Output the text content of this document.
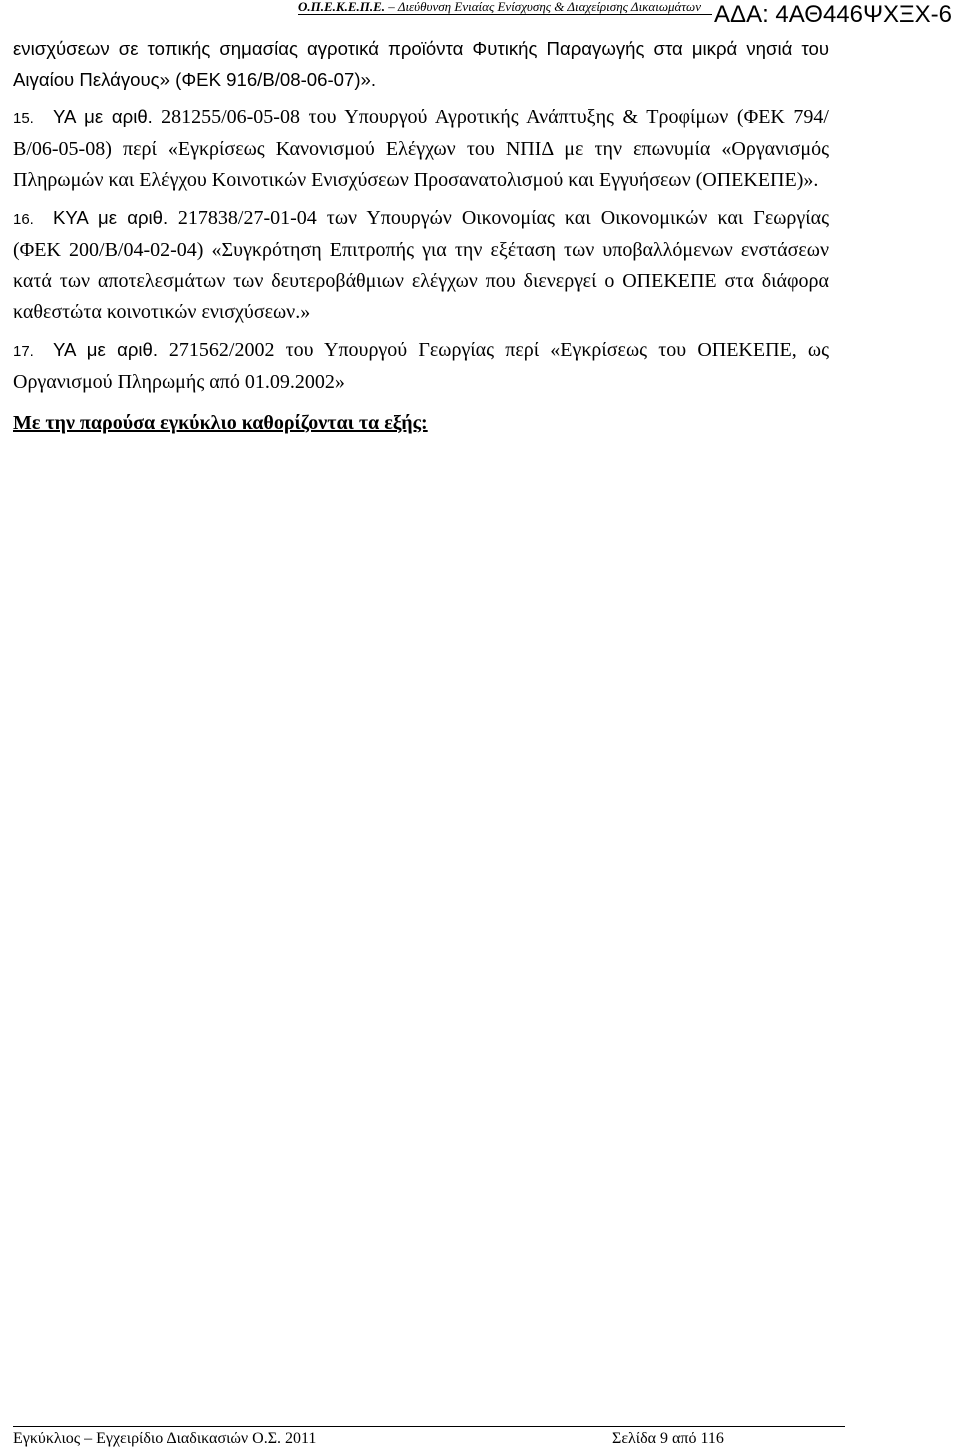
Ο.Π.Ε.Κ.Ε.Π.Ε. – Διεύθυνση Ενιαίας Ενίσχυσης & Διαχείρισης Δικαιωμάτων ΑΔΑ: 4ΑΘ446ΨΧΞΧ-6

ενισχύσεων σε τοπικής σημασίας αγροτικά προϊόντα Φυτικής Παραγωγής στα μικρά νησιά του Αιγαίου Πελάγους» (ΦΕΚ 916/Β/08-06-07)».

15. ΥΑ με αριθ. 281255/06-05-08 του Υπουργού Αγροτικής Ανάπτυξης & Τροφίμων (ΦΕΚ 794/Β/06-05-08) περί «Εγκρίσεως Κανονισμού Ελέγχων του ΝΠΙΔ με την επωνυμία «Οργανισμός Πληρωμών και Ελέγχου Κοινοτικών Ενισχύσεων Προσανατολισμού και Εγγυήσεων (ΟΠΕΚΕΠΕ)».

16. ΚΥΑ με αριθ. 217838/27-01-04 των Υπουργών Οικονομίας και Οικονομικών και Γεωργίας (ΦΕΚ 200/Β/04-02-04) «Συγκρότηση Επιτροπής για την εξέταση των υποβαλλόμενων ενστάσεων κατά των αποτελεσμάτων των δευτεροβάθμιων ελέγχων που διενεργεί ο ΟΠΕΚΕΠΕ στα διάφορα καθεστώτα κοινοτικών ενισχύσεων.»

17. ΥΑ με αριθ. 271562/2002 του Υπουργού Γεωργίας περί «Εγκρίσεως του ΟΠΕΚΕΠΕ, ως Οργανισμού Πληρωμής από 01.09.2002»

Με την παρούσα εγκύκλιο καθορίζονται τα εξής:
Εγκύκλιος – Εγχειρίδιο Διαδικασιών Ο.Σ. 2011	Σελίδα 9 από 116
